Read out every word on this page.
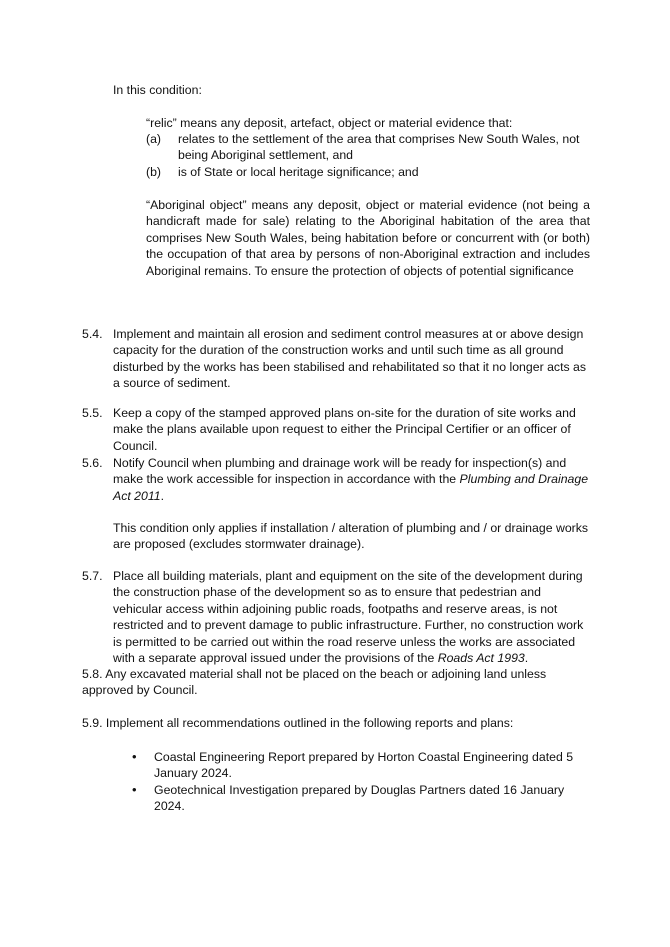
In this condition:

“relic” means any deposit, artefact, object or material evidence that:

(a) relates to the settlement of the area that comprises New South Wales, not being Aboriginal settlement, and

(b) is of State or local heritage significance; and

“Aboriginal object” means any deposit, object or material evidence (not being a handicraft made for sale) relating to the Aboriginal habitation of the area that comprises New South Wales, being habitation before or concurrent with (or both) the occupation of that area by persons of non-Aboriginal extraction and includes Aboriginal remains. To ensure the protection of objects of potential significance

5.4. Implement and maintain all erosion and sediment control measures at or above design capacity for the duration of the construction works and until such time as all ground disturbed by the works has been stabilised and rehabilitated so that it no longer acts as a source of sediment.

5.5. Keep a copy of the stamped approved plans on-site for the duration of site works and make the plans available upon request to either the Principal Certifier or an officer of Council.

5.6. Notify Council when plumbing and drainage work will be ready for inspection(s) and make the work accessible for inspection in accordance with the Plumbing and Drainage Act 2011.

This condition only applies if installation / alteration of plumbing and / or drainage works are proposed (excludes stormwater drainage).

5.7. Place all building materials, plant and equipment on the site of the development during the construction phase of the development so as to ensure that pedestrian and vehicular access within adjoining public roads, footpaths and reserve areas, is not restricted and to prevent damage to public infrastructure. Further, no construction work is permitted to be carried out within the road reserve unless the works are associated with a separate approval issued under the provisions of the Roads Act 1993.

5.8. Any excavated material shall not be placed on the beach or adjoining land unless approved by Council.

5.9. Implement all recommendations outlined in the following reports and plans:

• Coastal Engineering Report prepared by Horton Coastal Engineering dated 5 January 2024.

• Geotechnical Investigation prepared by Douglas Partners dated 16 January 2024.
